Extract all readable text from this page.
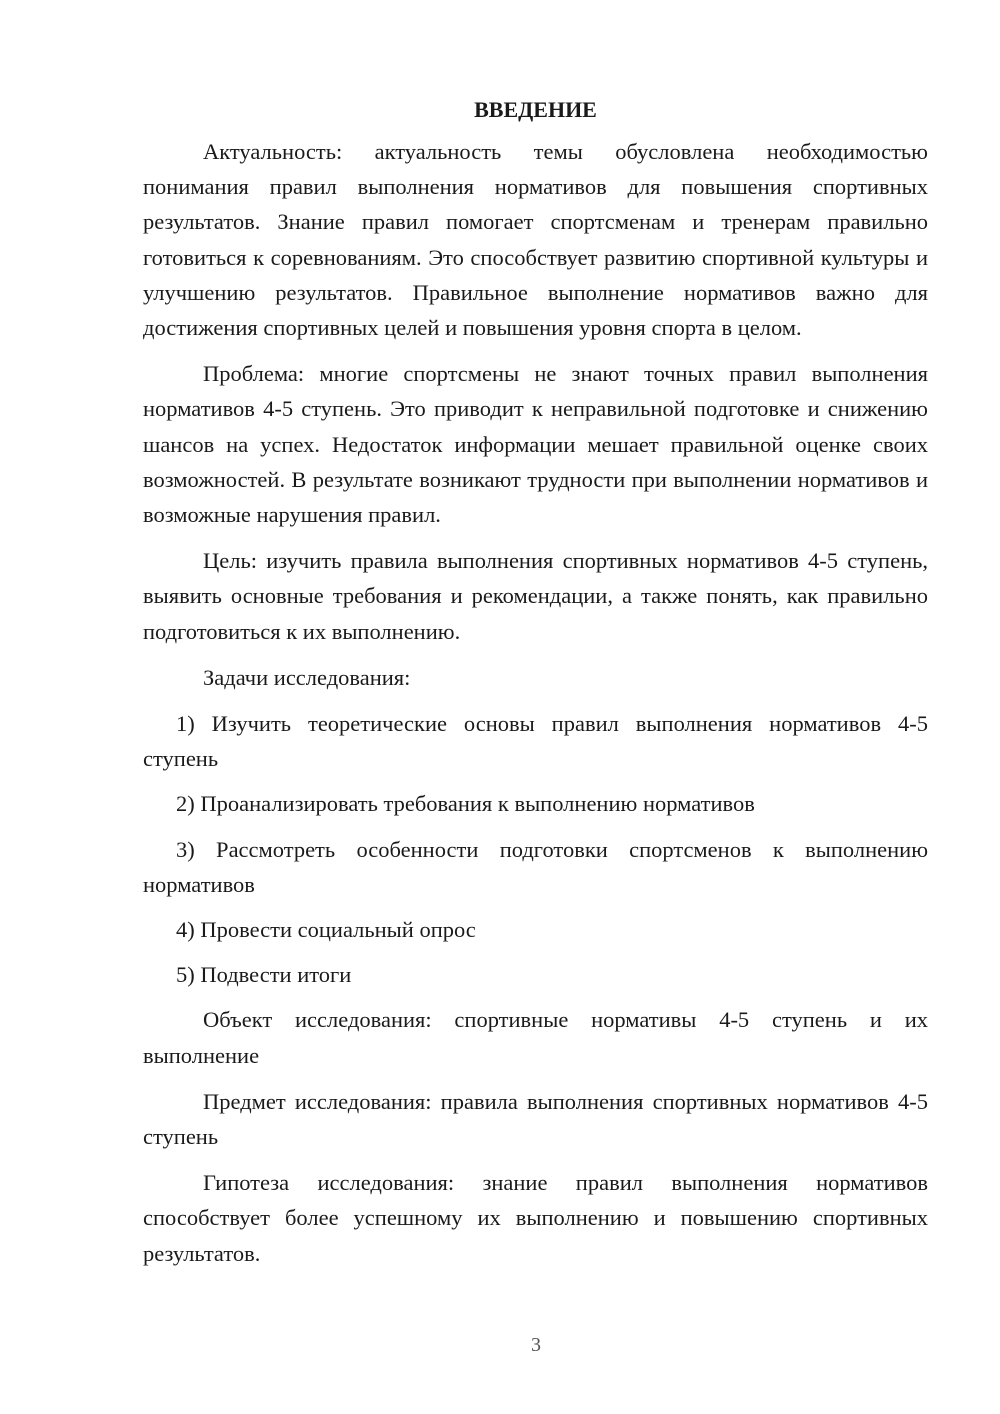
ВВЕДЕНИЕ

Актуальность: актуальность темы обусловлена необходимостью понимания правил выполнения нормативов для повышения спортивных результатов. Знание правил помогает спортсменам и тренерам правильно готовиться к соревнованиям. Это способствует развитию спортивной культуры и улучшению результатов. Правильное выполнение нормативов важно для достижения спортивных целей и повышения уровня спорта в целом.

Проблема: многие спортсмены не знают точных правил выполнения нормативов 4-5 ступень. Это приводит к неправильной подготовке и снижению шансов на успех. Недостаток информации мешает правильной оценке своих возможностей. В результате возникают трудности при выполнении нормативов и возможные нарушения правил.

Цель: изучить правила выполнения спортивных нормативов 4-5 ступень, выявить основные требования и рекомендации, а также понять, как правильно подготовиться к их выполнению.

Задачи исследования:

1) Изучить теоретические основы правил выполнения нормативов 4-5 ступень

2) Проанализировать требования к выполнению нормативов

3) Рассмотреть особенности подготовки спортсменов к выполнению нормативов

4) Провести социальный опрос

5) Подвести итоги

Объект исследования: спортивные нормативы 4-5 ступень и их выполнение

Предмет исследования: правила выполнения спортивных нормативов 4-5 ступень

Гипотеза исследования: знание правил выполнения нормативов способствует более успешному их выполнению и повышению спортивных результатов.

3
